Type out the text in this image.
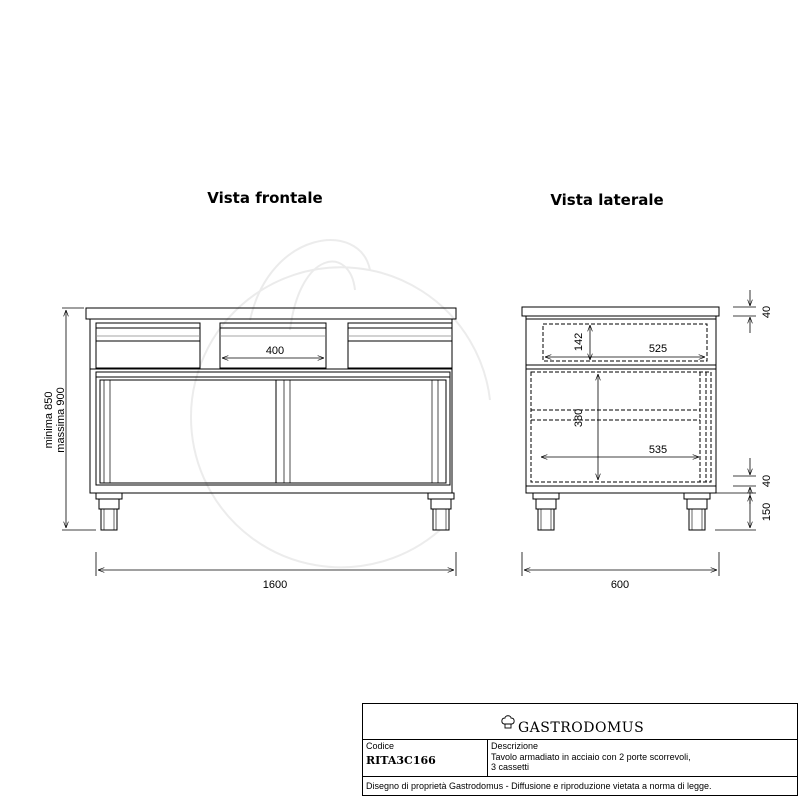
Vista frontale	Vista laterale
400
1600
minima 850massima 900
142	525
380
535
40
40
150
600
GASTRODOMUS
Codice
RITA3C166
Descrizione
Tavolo armadiato in acciaio con 2 porte scorrevoli,
3 cassetti
Disegno di proprietà Gastrodomus - Diffusione e riproduzione vietata a norma di legge.
